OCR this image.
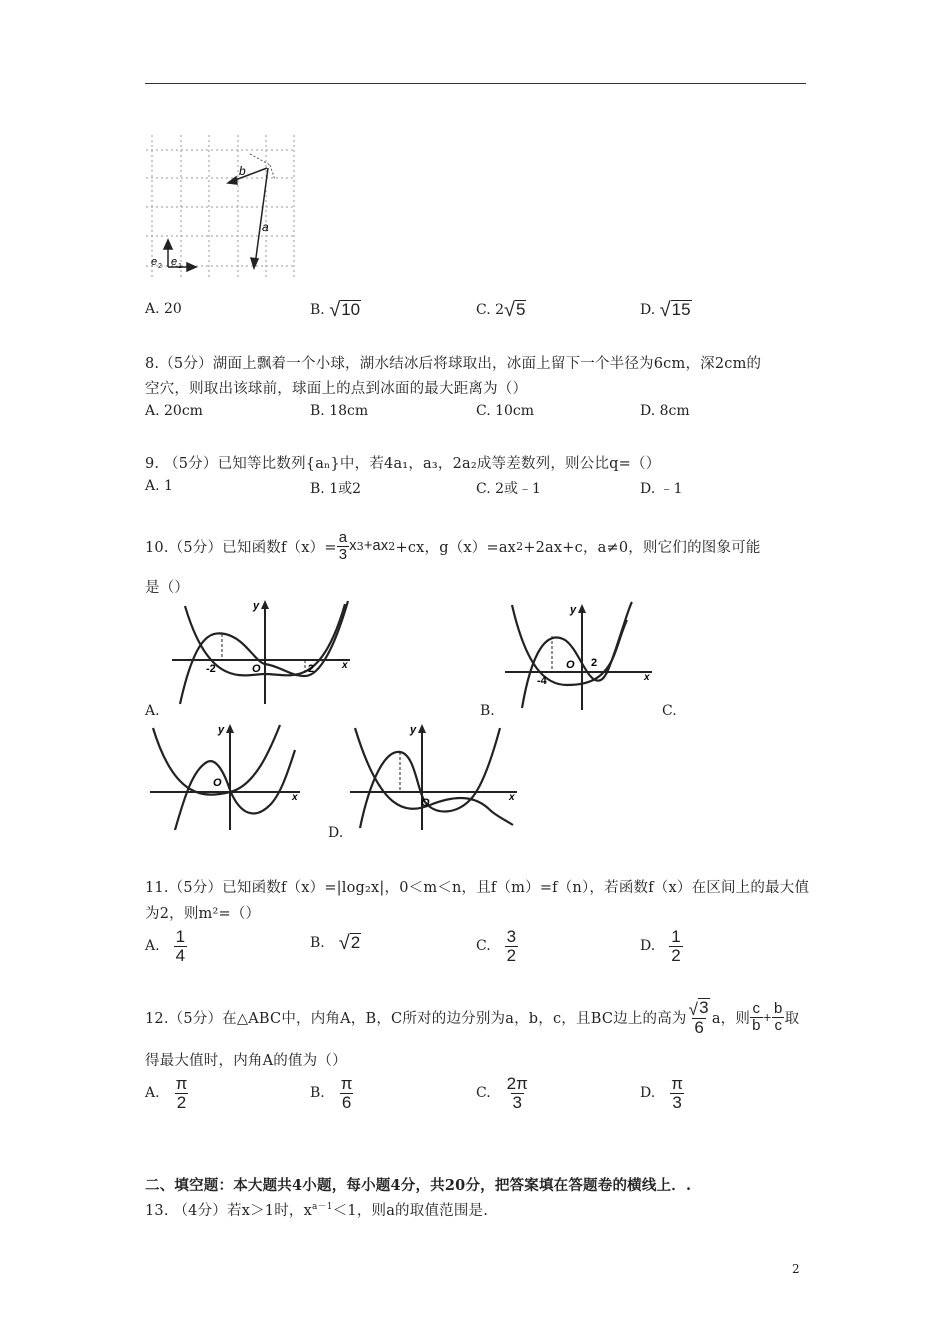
b
a
e 2 e 1
A. 20	B. √ 10	C. 2 √ 5	D. √ 15
8.（5分）湖面上飘着一个小球，湖水结冰后将球取出，冰面上留下一个半径为6cm，深2cm的
空穴，则取出该球前，球面上的点到冰面的最大距离为（）
A. 20cm	B. 18cm	C. 10cm	D. 8cm
9. （5分）已知等比数列{aₙ}中，若4a₁，a₃，2a₂成等差数列，则公比q=（）
A. 1	B. 1或2	C. 2或﹣1	D. ﹣1
10.（5分）已知函数$f(x)= \frac{a}{3}$ x 3 +ax 2 +cx，g（x）=ax 2 +2ax+c，a≠0，则它们的图象可能
是（）
y
x
O
-2	2
A.
y
x
O
-4
2
B.	C.
y
x
O
y
x
O
D.
11.（5分）已知函数f（x）=|log₂x|，0＜m＜n，且f（m）=f（n），若函数f（x）在区间上的最大值
为2，则m²=（）
A. $\frac{1}{4}$	B. √ 2	C. $\frac{3}{2}$	D. $\frac{1}{2}$
12.（5分）在△ABC中，内角A，B，C所对的边分别为a，b，c，且BC边上的高为 $\frac{√ 3}{6}$ a，则 $\frac{c}{b} + \frac{b}{c}$ 取
得最大值时，内角A的值为（）
A. $\frac{\pi}{2}$	B. $\frac{\pi}{6}$	C. $\frac{2\pi}{3}$	D. $\frac{\pi}{3}$
二、填空题：本大题共4小题，每小题4分，共20分，把答案填在答题卷的横线上．.
13. （4分）若x＞1时，$x^{a-1}<1$，则a的取值范围是.
2
